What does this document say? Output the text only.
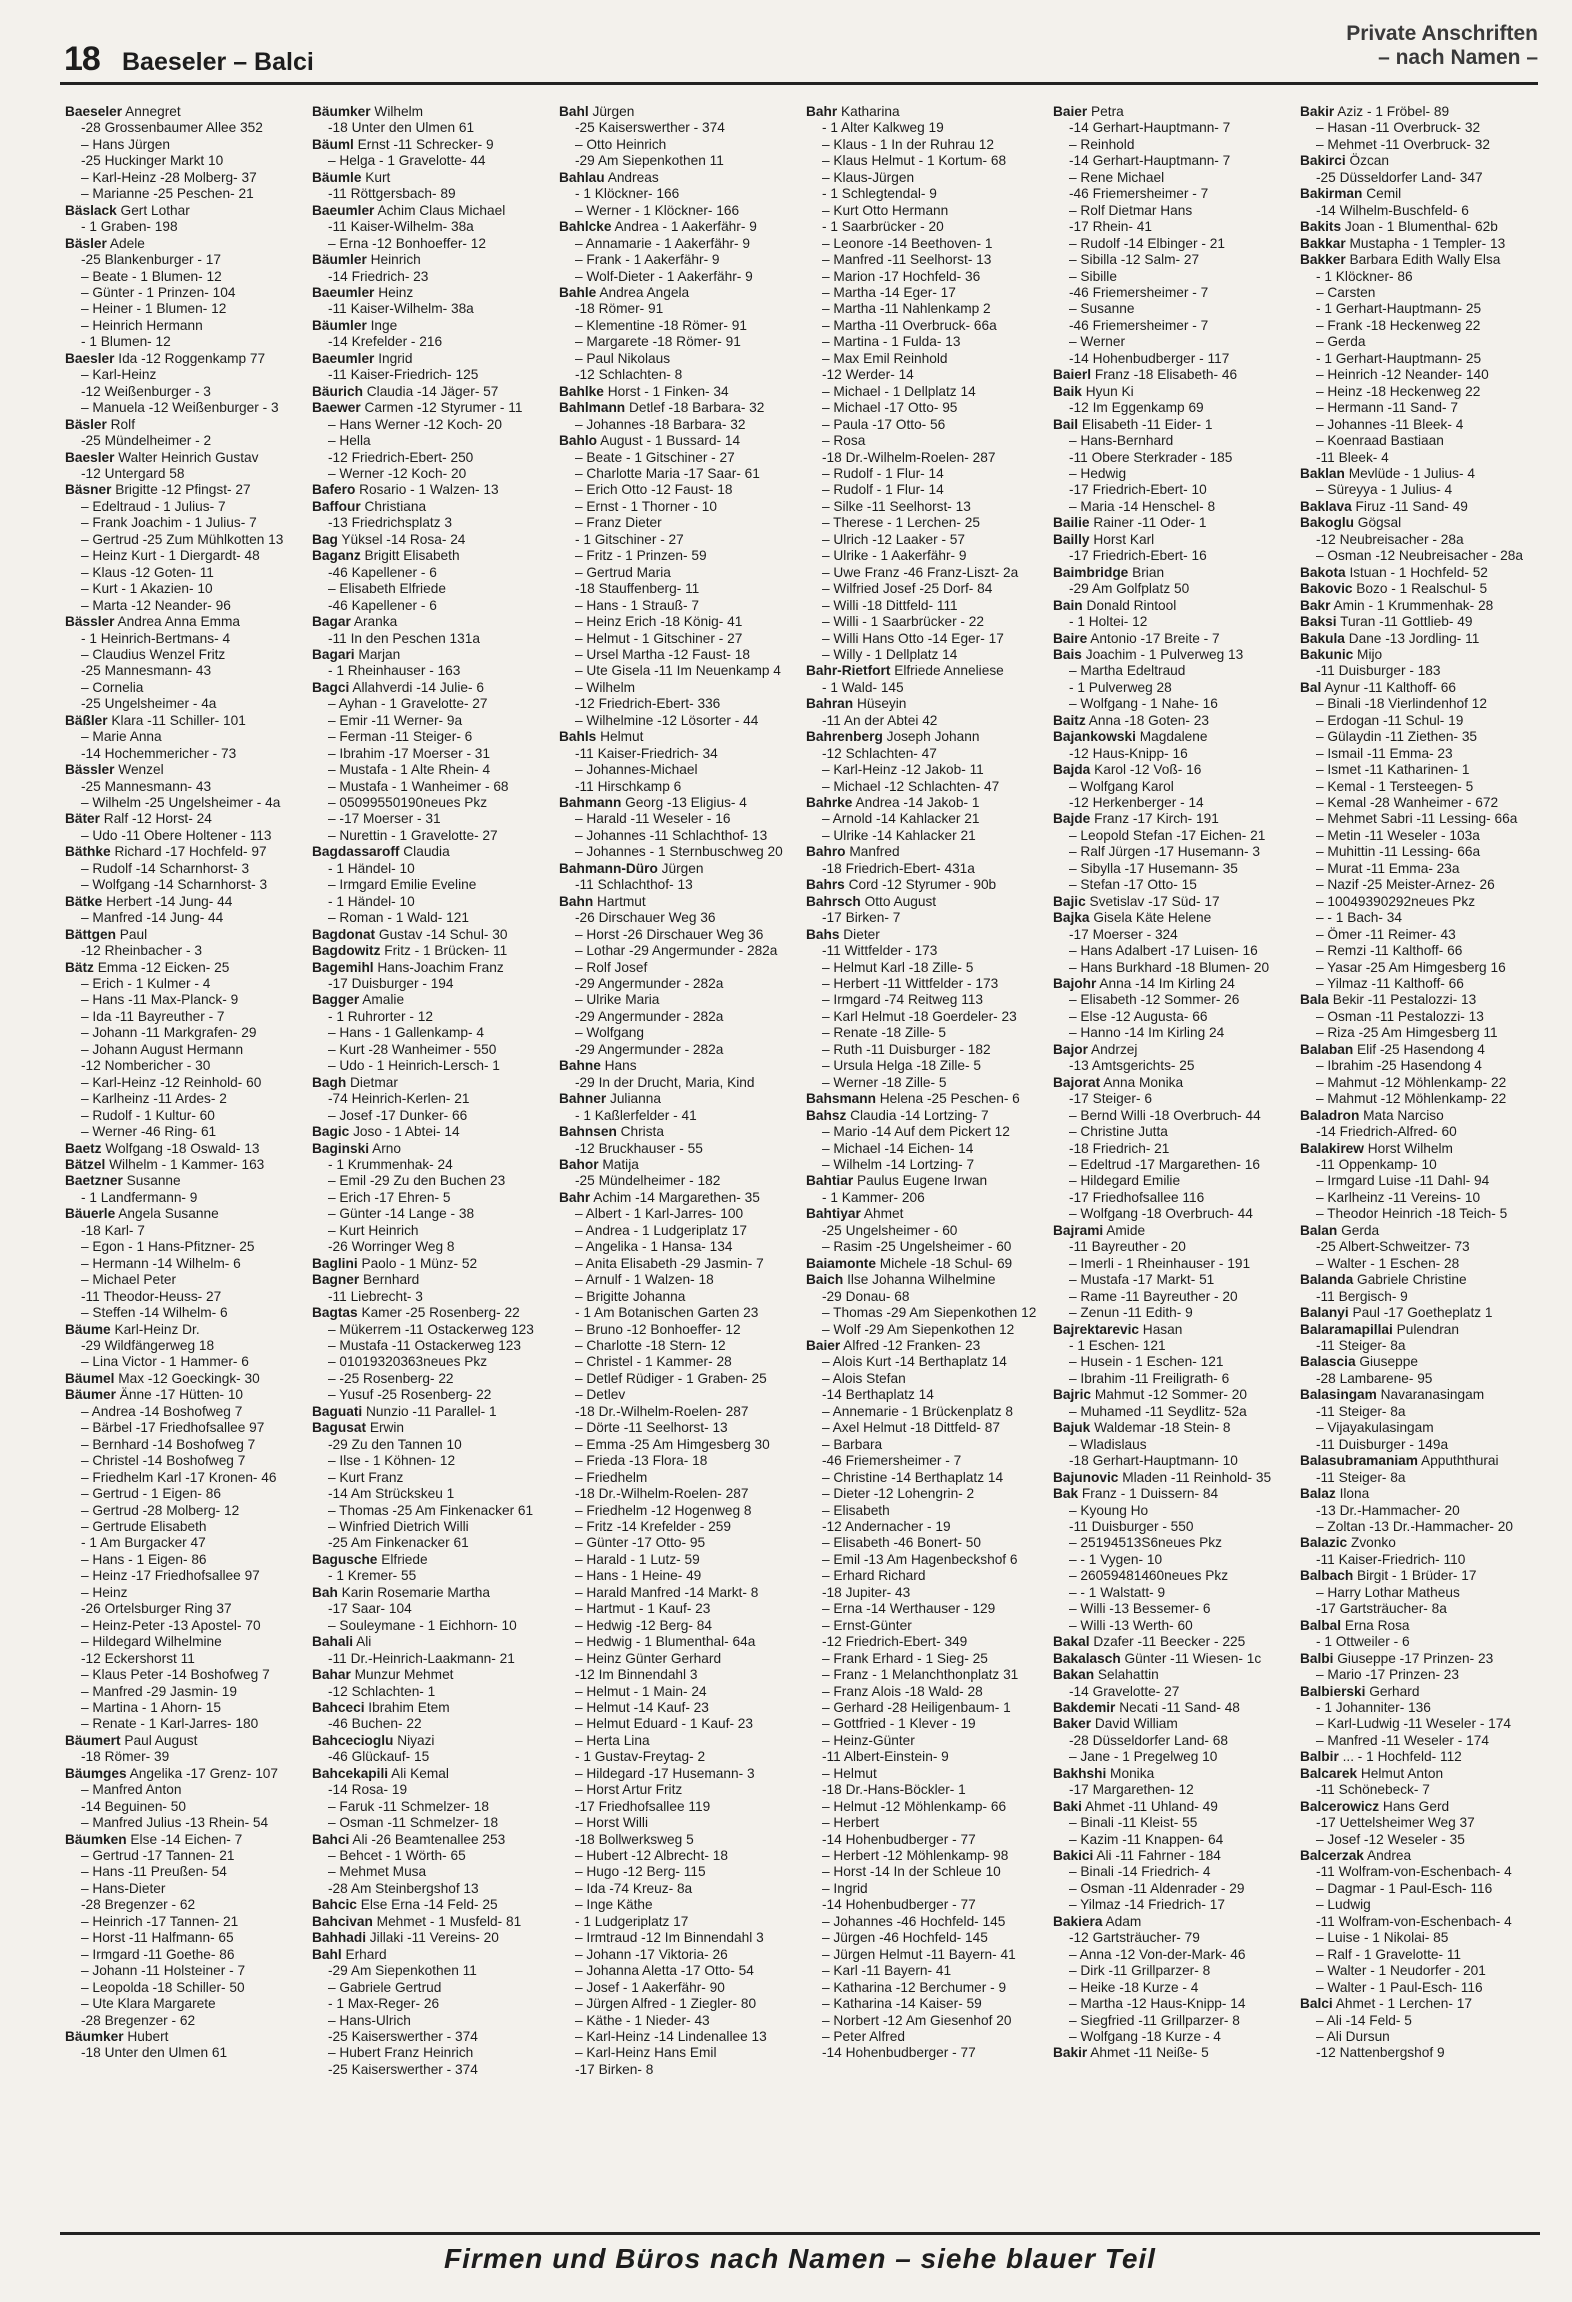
18 Baeseler – Balci
Private Anschriften
– nach Namen –
Baeseler Annegret
-28 Grossenbaumer Allee 352
– Hans Jürgen
-25 Huckinger Markt 10
– Karl-Heinz -28 Molberg- 37
– Marianne -25 Peschen- 21
Bäslack Gert Lothar
- 1 Graben- 198
Bäsler Adele
-25 Blankenburger - 17
– Beate - 1 Blumen- 12
– Günter - 1 Prinzen- 104
– Heiner - 1 Blumen- 12
– Heinrich Hermann
- 1 Blumen- 12
Baesler Ida -12 Roggenkamp 77
– Karl-Heinz
-12 Weißenburger - 3
– Manuela -12 Weißenburger - 3
Bäsler Rolf
-25 Mündelheimer - 2
Baesler Walter Heinrich Gustav
-12 Untergard 58
Bäsner Brigitte -12 Pfingst- 27
– Edeltraud - 1 Julius- 7
– Frank Joachim - 1 Julius- 7
– Gertrud -25 Zum Mühlkotten 13
– Heinz Kurt - 1 Diergardt- 48
– Klaus -12 Goten- 11
– Kurt - 1 Akazien- 10
– Marta -12 Neander- 96
Bässler Andrea Anna Emma
- 1 Heinrich-Bertmans- 4
– Claudius Wenzel Fritz
-25 Mannesmann- 43
– Cornelia
-25 Ungelsheimer - 4a
Bäßler Klara -11 Schiller- 101
– Marie Anna
-14 Hochemmericher - 73
Bässler Wenzel
-25 Mannesmann- 43
– Wilhelm -25 Ungelsheimer - 4a
Bäter Ralf -12 Horst- 24
– Udo -11 Obere Holtener - 113
Bäthke Richard -17 Hochfeld- 97
– Rudolf -14 Scharnhorst- 3
– Wolfgang -14 Scharnhorst- 3
Bätke Herbert -14 Jung- 44
– Manfred -14 Jung- 44
Bättgen Paul
-12 Rheinbacher - 3
Bätz Emma -12 Eicken- 25
– Erich - 1 Kulmer - 4
– Hans -11 Max-Planck- 9
– Ida -11 Bayreuther - 7
– Johann -11 Markgrafen- 29
– Johann August Hermann
-12 Nombericher - 30
– Karl-Heinz -12 Reinhold- 60
– Karlheinz -11 Ardes- 2
– Rudolf - 1 Kultur- 60
– Werner -46 Ring- 61
Baetz Wolfgang -18 Oswald- 13
Bätzel Wilhelm - 1 Kammer- 163
Baetzner Susanne
- 1 Landfermann- 9
Bäuerle Angela Susanne
-18 Karl- 7
– Egon - 1 Hans-Pfitzner- 25
– Hermann -14 Wilhelm- 6
– Michael Peter
-11 Theodor-Heuss- 27
– Steffen -14 Wilhelm- 6
Bäume Karl-Heinz Dr.
-29 Wildfängerweg 18
– Lina Victor - 1 Hammer- 6
Bäumel Max -12 Goeckingk- 30
Bäumer Änne -17 Hütten- 10
– Andrea -14 Boshofweg 7
– Bärbel -17 Friedhofsallee 97
– Bernhard -14 Boshofweg 7
– Christel -14 Boshofweg 7
– Friedhelm Karl -17 Kronen- 46
– Gertrud - 1 Eigen- 86
– Gertrud -28 Molberg- 12
– Gertrude Elisabeth
- 1 Am Burgacker 47
– Hans - 1 Eigen- 86
– Heinz -17 Friedhofsallee 97
– Heinz
-26 Ortelsburger Ring 37
– Heinz-Peter -13 Apostel- 70
– Hildegard Wilhelmine
-12 Eckershorst 11
– Klaus Peter -14 Boshofweg 7
– Manfred -29 Jasmin- 19
– Martina - 1 Ahorn- 15
– Renate - 1 Karl-Jarres- 180
Bäumert Paul August
-18 Römer- 39
Bäumges Angelika -17 Grenz- 107
– Manfred Anton
-14 Beguinen- 50
– Manfred Julius -13 Rhein- 54
Bäumken Else -14 Eichen- 7
– Gertrud -17 Tannen- 21
– Hans -11 Preußen- 54
– Hans-Dieter
-28 Bregenzer - 62
– Heinrich -17 Tannen- 21
– Horst -11 Halfmann- 65
– Irmgard -11 Goethe- 86
– Johann -11 Holsteiner - 7
– Leopolda -18 Schiller- 50
– Ute Klara Margarete
-28 Bregenzer - 62
Bäumker Hubert
-18 Unter den Ulmen 61
Bäumker Wilhelm
-18 Unter den Ulmen 61
Bäuml Ernst -11 Schrecker- 9
– Helga - 1 Gravelotte- 44
Bäumle Kurt
-11 Röttgersbach- 89
Baeumler Achim Claus Michael
-11 Kaiser-Wilhelm- 38a
– Erna -12 Bonhoeffer- 12
Bäumler Heinrich
-14 Friedrich- 23
Baeumler Heinz
-11 Kaiser-Wilhelm- 38a
Bäumler Inge
-14 Krefelder - 216
Baeumler Ingrid
-11 Kaiser-Friedrich- 125
Bäurich Claudia -14 Jäger- 57
Baewer Carmen -12 Styrumer - 11
– Hans Werner -12 Koch- 20
– Hella
-12 Friedrich-Ebert- 250
– Werner -12 Koch- 20
Bafero Rosario - 1 Walzen- 13
Baffour Christiana
-13 Friedrichsplatz 3
Bag Yüksel -14 Rosa- 24
Baganz Brigitt Elisabeth
-46 Kapellener - 6
– Elisabeth Elfriede
-46 Kapellener - 6
Bagar Aranka
-11 In den Peschen 131a
Bagari Marjan
- 1 Rheinhauser - 163
Bagci Allahverdi -14 Julie- 6
– Ayhan - 1 Gravelotte- 27
– Emir -11 Werner- 9a
– Ferman -11 Steiger- 6
– Ibrahim -17 Moerser - 31
– Mustafa - 1 Alte Rhein- 4
– Mustafa - 1 Wanheimer - 68
– 05099550190neues Pkz
– -17 Moerser - 31
– Nurettin - 1 Gravelotte- 27
Bagdassaroff Claudia
- 1 Händel- 10
– Irmgard Emilie Eveline
- 1 Händel- 10
– Roman - 1 Wald- 121
Bagdonat Gustav -14 Schul- 30
Bagdowitz Fritz - 1 Brücken- 11
Bagemihl Hans-Joachim Franz
-17 Duisburger - 194
Bagger Amalie
- 1 Ruhrorter - 12
– Hans - 1 Gallenkamp- 4
– Kurt -28 Wanheimer - 550
– Udo - 1 Heinrich-Lersch- 1
Bagh Dietmar
-74 Heinrich-Kerlen- 21
– Josef -17 Dunker- 66
Bagic Joso - 1 Abtei- 14
Baginski Arno
- 1 Krummenhak- 24
– Emil -29 Zu den Buchen 23
– Erich -17 Ehren- 5
– Günter -14 Lange - 38
– Kurt Heinrich
-26 Worringer Weg 8
Baglini Paolo - 1 Münz- 52
Bagner Bernhard
-11 Liebrecht- 3
Bagtas Kamer -25 Rosenberg- 22
– Mükerrem -11 Ostackerweg 123
– Mustafa -11 Ostackerweg 123
– 01019320363neues Pkz
– -25 Rosenberg- 22
– Yusuf -25 Rosenberg- 22
Baguati Nunzio -11 Parallel- 1
Bagusat Erwin
-29 Zu den Tannen 10
– Ilse - 1 Köhnen- 12
– Kurt Franz
-14 Am Strückskeu 1
– Thomas -25 Am Finkenacker 61
– Winfried Dietrich Willi
-25 Am Finkenacker 61
Bagusche Elfriede
- 1 Kremer- 55
Bah Karin Rosemarie Martha
-17 Saar- 104
– Souleymane - 1 Eichhorn- 10
Bahali Ali
-11 Dr.-Heinrich-Laakmann- 21
Bahar Munzur Mehmet
-12 Schlachten- 1
Bahceci Ibrahim Etem
-46 Buchen- 22
Bahcecioglu Niyazi
-46 Glückauf- 15
Bahcekapili Ali Kemal
-14 Rosa- 19
– Faruk -11 Schmelzer- 18
– Osman -11 Schmelzer- 18
Bahci Ali -26 Beamtenallee 253
– Behcet - 1 Wörth- 65
– Mehmet Musa
-28 Am Steinbergshof 13
Bahcic Else Erna -14 Feld- 25
Bahcivan Mehmet - 1 Musfeld- 81
Bahhadi Jillaki -11 Vereins- 20
Bahl Erhard
-29 Am Siepenkothen 11
– Gabriele Gertrud
- 1 Max-Reger- 26
– Hans-Ulrich
-25 Kaiserswerther - 374
– Hubert Franz Heinrich
-25 Kaiserswerther - 374
Bahl Jürgen
-25 Kaiserswerther - 374
– Otto Heinrich
-29 Am Siepenkothen 11
Bahlau Andreas
- 1 Klöckner- 166
– Werner - 1 Klöckner- 166
Bahlcke Andrea - 1 Aakerfähr- 9
– Annamarie - 1 Aakerfähr- 9
– Frank - 1 Aakerfähr- 9
– Wolf-Dieter - 1 Aakerfähr- 9
Bahle Andrea Angela
-18 Römer- 91
– Klementine -18 Römer- 91
– Margarete -18 Römer- 91
– Paul Nikolaus
-12 Schlachten- 8
Bahlke Horst - 1 Finken- 34
Bahlmann Detlef -18 Barbara- 32
– Johannes -18 Barbara- 32
Bahlo August - 1 Bussard- 14
– Beate - 1 Gitschiner - 27
– Charlotte Maria -17 Saar- 61
– Erich Otto -12 Faust- 18
– Ernst - 1 Thorner - 10
– Franz Dieter
- 1 Gitschiner - 27
– Fritz - 1 Prinzen- 59
– Gertrud Maria
-18 Stauffenberg- 11
– Hans - 1 Strauß- 7
– Heinz Erich -18 König- 41
– Helmut - 1 Gitschiner - 27
– Ursel Martha -12 Faust- 18
– Ute Gisela -11 Im Neuenkamp 4
– Wilhelm
-12 Friedrich-Ebert- 336
– Wilhelmine -12 Lösorter - 44
Bahls Helmut
-11 Kaiser-Friedrich- 34
– Johannes-Michael
-11 Hirschkamp 6
Bahmann Georg -13 Eligius- 4
– Harald -11 Weseler - 16
– Johannes -11 Schlachthof- 13
– Johannes - 1 Sternbuschweg 20
Bahmann-Düro Jürgen
-11 Schlachthof- 13
Bahn Hartmut
-26 Dirschauer Weg 36
– Horst -26 Dirschauer Weg 36
– Lothar -29 Angermunder - 282a
– Rolf Josef
-29 Angermunder - 282a
– Ulrike Maria
-29 Angermunder - 282a
– Wolfgang
-29 Angermunder - 282a
Bahne Hans
-29 In der Drucht, Maria, Kind
Bahner Julianna
- 1 Kaßlerfelder - 41
Bahnsen Christa
-12 Bruckhauser - 55
Bahor Matija
-25 Mündelheimer - 182
Bahr Achim -14 Margarethen- 35
– Albert - 1 Karl-Jarres- 100
– Andrea - 1 Ludgeriplatz 17
– Angelika - 1 Hansa- 134
– Anita Elisabeth -29 Jasmin- 7
– Arnulf - 1 Walzen- 18
– Brigitte Johanna
- 1 Am Botanischen Garten 23
– Bruno -12 Bonhoeffer- 12
– Charlotte -18 Stern- 12
– Christel - 1 Kammer- 28
– Detlef Rüdiger - 1 Graben- 25
– Detlev
-18 Dr.-Wilhelm-Roelen- 287
– Dörte -11 Seelhorst- 13
– Emma -25 Am Himgesberg 30
– Frieda -13 Flora- 18
– Friedhelm
-18 Dr.-Wilhelm-Roelen- 287
– Friedhelm -12 Hogenweg 8
– Fritz -14 Krefelder - 259
– Günter -17 Otto- 95
– Harald - 1 Lutz- 59
– Hans - 1 Heine- 49
– Harald Manfred -14 Markt- 8
– Hartmut - 1 Kauf- 23
– Hedwig -12 Berg- 84
– Hedwig - 1 Blumenthal- 64a
– Heinz Günter Gerhard
-12 Im Binnendahl 3
– Helmut - 1 Main- 24
– Helmut -14 Kauf- 23
– Helmut Eduard - 1 Kauf- 23
– Herta Lina
- 1 Gustav-Freytag- 2
– Hildegard -17 Husemann- 3
– Horst Artur Fritz
-17 Friedhofsallee 119
– Horst Willi
-18 Bollwerksweg 5
– Hubert -12 Albrecht- 18
– Hugo -12 Berg- 115
– Ida -74 Kreuz- 8a
– Inge Käthe
- 1 Ludgeriplatz 17
– Irmtraud -12 Im Binnendahl 3
– Johann -17 Viktoria- 26
– Johanna Aletta -17 Otto- 54
– Josef - 1 Aakerfähr- 90
– Jürgen Alfred - 1 Ziegler- 80
– Käthe - 1 Nieder- 43
– Karl-Heinz -14 Lindenallee 13
– Karl-Heinz Hans Emil
-17 Birken- 8
Bahr Katharina
- 1 Alter Kalkweg 19
– Klaus - 1 In der Ruhrau 12
– Klaus Helmut - 1 Kortum- 68
– Klaus-Jürgen
- 1 Schlegtendal- 9
– Kurt Otto Hermann
- 1 Saarbrücker - 20
– Leonore -14 Beethoven- 1
– Manfred -11 Seelhorst- 13
– Marion -17 Hochfeld- 36
– Martha -14 Eger- 17
– Martha -11 Nahlenkamp 2
– Martha -11 Overbruck- 66a
– Martina - 1 Fulda- 13
– Max Emil Reinhold
-12 Werder- 14
– Michael - 1 Dellplatz 14
– Michael -17 Otto- 95
– Paula -17 Otto- 56
– Rosa
-18 Dr.-Wilhelm-Roelen- 287
– Rudolf - 1 Flur- 14
– Rudolf - 1 Flur- 14
– Silke -11 Seelhorst- 13
– Therese - 1 Lerchen- 25
– Ulrich -12 Laaker - 57
– Ulrike - 1 Aakerfähr- 9
– Uwe Franz -46 Franz-Liszt- 2a
– Wilfried Josef -25 Dorf- 84
– Willi -18 Dittfeld- 111
– Willi - 1 Saarbrücker - 22
– Willi Hans Otto -14 Eger- 17
– Willy - 1 Dellplatz 14
Bahr-Rietfort Elfriede Anneliese
- 1 Wald- 145
Bahran Hüseyin
-11 An der Abtei 42
Bahrenberg Joseph Johann
-12 Schlachten- 47
– Karl-Heinz -12 Jakob- 11
– Michael -12 Schlachten- 47
Bahrke Andrea -14 Jakob- 1
– Arnold -14 Kahlacker 21
– Ulrike -14 Kahlacker 21
Bahro Manfred
-18 Friedrich-Ebert- 431a
Bahrs Cord -12 Styrumer - 90b
Bahrsch Otto August
-17 Birken- 7
Bahs Dieter
-11 Wittfelder - 173
– Helmut Karl -18 Zille- 5
– Herbert -11 Wittfelder - 173
– Irmgard -74 Reitweg 113
– Karl Helmut -18 Goerdeler- 23
– Renate -18 Zille- 5
– Ruth -11 Duisburger - 182
– Ursula Helga -18 Zille- 5
– Werner -18 Zille- 5
Bahsmann Helena -25 Peschen- 6
Bahsz Claudia -14 Lortzing- 7
– Mario -14 Auf dem Pickert 12
– Michael -14 Eichen- 14
– Wilhelm -14 Lortzing- 7
Bahtiar Paulus Eugene Irwan
- 1 Kammer- 206
Bahtiyar Ahmet
-25 Ungelsheimer - 60
– Rasim -25 Ungelsheimer - 60
Baiamonte Michele -18 Schul- 69
Baich Ilse Johanna Wilhelmine
-29 Donau- 68
– Thomas -29 Am Siepenkothen 12
– Wolf -29 Am Siepenkothen 12
Baier Alfred -12 Franken- 23
– Alois Kurt -14 Berthaplatz 14
– Alois Stefan
-14 Berthaplatz 14
– Annemarie - 1 Brückenplatz 8
– Axel Helmut -18 Dittfeld- 87
– Barbara
-46 Friemersheimer - 7
– Christine -14 Berthaplatz 14
– Dieter -12 Lohengrin- 2
– Elisabeth
-12 Andernacher - 19
– Elisabeth -46 Bonert- 50
– Emil -13 Am Hagenbeckshof 6
– Erhard Richard
-18 Jupiter- 43
– Erna -14 Werthauser - 129
– Ernst-Günter
-12 Friedrich-Ebert- 349
– Frank Erhard - 1 Sieg- 25
– Franz - 1 Melanchthonplatz 31
– Franz Alois -18 Wald- 28
– Gerhard -28 Heiligenbaum- 1
– Gottfried - 1 Klever - 19
– Heinz-Günter
-11 Albert-Einstein- 9
– Helmut
-18 Dr.-Hans-Böckler- 1
– Helmut -12 Möhlenkamp- 66
– Herbert
-14 Hohenbudberger - 77
– Herbert -12 Möhlenkamp- 98
– Horst -14 In der Schleue 10
– Ingrid
-14 Hohenbudberger - 77
– Johannes -46 Hochfeld- 145
– Jürgen -46 Hochfeld- 145
– Jürgen Helmut -11 Bayern- 41
– Karl -11 Bayern- 41
– Katharina -12 Berchumer - 9
– Katharina -14 Kaiser- 59
– Norbert -12 Am Giesenhof 20
– Peter Alfred
-14 Hohenbudberger - 77
Baier Petra
-14 Gerhart-Hauptmann- 7
– Reinhold
-14 Gerhart-Hauptmann- 7
– Rene Michael
-46 Friemersheimer - 7
– Rolf Dietmar Hans
-17 Rhein- 41
– Rudolf -14 Elbinger - 21
– Sibilla -12 Salm- 27
– Sibille
-46 Friemersheimer - 7
– Susanne
-46 Friemersheimer - 7
– Werner
-14 Hohenbudberger - 117
Baierl Franz -18 Elisabeth- 46
Baik Hyun Ki
-12 Im Eggenkamp 69
Bail Elisabeth -11 Eider- 1
– Hans-Bernhard
-11 Obere Sterkrader - 185
– Hedwig
-17 Friedrich-Ebert- 10
– Maria -14 Henschel- 8
Bailie Rainer -11 Oder- 1
Bailly Horst Karl
-17 Friedrich-Ebert- 16
Baimbridge Brian
-29 Am Golfplatz 50
Bain Donald Rintool
- 1 Holtei- 12
Baire Antonio -17 Breite - 7
Bais Joachim - 1 Pulverweg 13
– Martha Edeltraud
- 1 Pulverweg 28
– Wolfgang - 1 Nahe- 16
Baitz Anna -18 Goten- 23
Bajankowski Magdalene
-12 Haus-Knipp- 16
Bajda Karol -12 Voß- 16
– Wolfgang Karol
-12 Herkenberger - 14
Bajde Franz -17 Kirch- 191
– Leopold Stefan -17 Eichen- 21
– Ralf Jürgen -17 Husemann- 3
– Sibylla -17 Husemann- 35
– Stefan -17 Otto- 15
Bajic Svetislav -17 Süd- 17
Bajka Gisela Käte Helene
-17 Moerser - 324
– Hans Adalbert -17 Luisen- 16
– Hans Burkhard -18 Blumen- 20
Bajohr Anna -14 Im Kirling 24
– Elisabeth -12 Sommer- 26
– Else -12 Augusta- 66
– Hanno -14 Im Kirling 24
Bajor Andrzej
-13 Amtsgerichts- 25
Bajorat Anna Monika
-17 Steiger- 6
– Bernd Willi -18 Overbruch- 44
– Christine Jutta
-18 Friedrich- 21
– Edeltrud -17 Margarethen- 16
– Hildegard Emilie
-17 Friedhofsallee 116
– Wolfgang -18 Overbruch- 44
Bajrami Amide
-11 Bayreuther - 20
– Imerli - 1 Rheinhauser - 191
– Mustafa -17 Markt- 51
– Rame -11 Bayreuther - 20
– Zenun -11 Edith- 9
Bajrektarevic Hasan
- 1 Eschen- 121
– Husein - 1 Eschen- 121
– Ibrahim -11 Freiligrath- 6
Bajric Mahmut -12 Sommer- 20
– Muhamed -11 Seydlitz- 52a
Bajuk Waldemar -18 Stein- 8
– Wladislaus
-18 Gerhart-Hauptmann- 10
Bajunovic Mladen -11 Reinhold- 35
Bak Franz - 1 Duissern- 84
– Kyoung Ho
-11 Duisburger - 550
– 25194513S6neues Pkz
– - 1 Vygen- 10
– 26059481460neues Pkz
– - 1 Walstatt- 9
– Willi -13 Bessemer- 6
– Willi -13 Werth- 60
Bakal Dzafer -11 Beecker - 225
Bakalasch Günter -11 Wiesen- 1c
Bakan Selahattin
-14 Gravelotte- 27
Bakdemir Necati -11 Sand- 48
Baker David William
-28 Düsseldorfer Land- 68
– Jane - 1 Pregelweg 10
Bakhshi Monika
-17 Margarethen- 12
Baki Ahmet -11 Uhland- 49
– Binali -11 Kleist- 55
– Kazim -11 Knappen- 64
Bakici Ali -11 Fahrner - 184
– Binali -14 Friedrich- 4
– Osman -11 Aldenrader - 29
– Yilmaz -14 Friedrich- 17
Bakiera Adam
-12 Gartsträucher- 79
– Anna -12 Von-der-Mark- 46
– Dirk -11 Grillparzer- 8
– Heike -18 Kurze - 4
– Martha -12 Haus-Knipp- 14
– Siegfried -11 Grillparzer- 8
– Wolfgang -18 Kurze - 4
Bakir Ahmet -11 Neiße- 5
Bakir Aziz - 1 Fröbel- 89
– Hasan -11 Overbruck- 32
– Mehmet -11 Overbruck- 32
Bakirci Özcan
-25 Düsseldorfer Land- 347
Bakirman Cemil
-14 Wilhelm-Buschfeld- 6
Bakits Joan - 1 Blumenthal- 62b
Bakkar Mustapha - 1 Templer- 13
Bakker Barbara Edith Wally Elsa
- 1 Klöckner- 86
– Carsten
- 1 Gerhart-Hauptmann- 25
– Frank -18 Heckenweg 22
– Gerda
- 1 Gerhart-Hauptmann- 25
– Heinrich -12 Neander- 140
– Heinz -18 Heckenweg 22
– Hermann -11 Sand- 7
– Johannes -11 Bleek- 4
– Koenraad Bastiaan
-11 Bleek- 4
Baklan Mevlüde - 1 Julius- 4
– Süreyya - 1 Julius- 4
Baklava Firuz -11 Sand- 49
Bakoglu Gögsal
-12 Neubreisacher - 28a
– Osman -12 Neubreisacher - 28a
Bakota Istuan - 1 Hochfeld- 52
Bakovic Bozo - 1 Realschul- 5
Bakr Amin - 1 Krummenhak- 28
Baksi Turan -11 Gottlieb- 49
Bakula Dane -13 Jordling- 11
Bakunic Mijo
-11 Duisburger - 183
Bal Aynur -11 Kalthoff- 66
– Binali -18 Vierlindenhof 12
– Erdogan -11 Schul- 19
– Gülaydin -11 Ziethen- 35
– Ismail -11 Emma- 23
– Ismet -11 Katharinen- 1
– Kemal - 1 Tersteegen- 5
– Kemal -28 Wanheimer - 672
– Mehmet Sabri -11 Lessing- 66a
– Metin -11 Weseler - 103a
– Muhittin -11 Lessing- 66a
– Murat -11 Emma- 23a
– Nazif -25 Meister-Arnez- 26
– 10049390292neues Pkz
– - 1 Bach- 34
– Ömer -11 Reimer- 43
– Remzi -11 Kalthoff- 66
– Yasar -25 Am Himgesberg 16
– Yilmaz -11 Kalthoff- 66
Bala Bekir -11 Pestalozzi- 13
– Osman -11 Pestalozzi- 13
– Riza -25 Am Himgesberg 11
Balaban Elif -25 Hasendong 4
– Ibrahim -25 Hasendong 4
– Mahmut -12 Möhlenkamp- 22
– Mahmut -12 Möhlenkamp- 22
Baladron Mata Narciso
-14 Friedrich-Alfred- 60
Balakirew Horst Wilhelm
-11 Oppenkamp- 10
– Irmgard Luise -11 Dahl- 94
– Karlheinz -11 Vereins- 10
– Theodor Heinrich -18 Teich- 5
Balan Gerda
-25 Albert-Schweitzer- 73
– Walter - 1 Eschen- 28
Balanda Gabriele Christine
-11 Bergisch- 9
Balanyi Paul -17 Goetheplatz 1
Balaramapillai Pulendran
-11 Steiger- 8a
Balascia Giuseppe
-28 Lambarene- 95
Balasingam Navaranasingam
-11 Steiger- 8a
– Vijayakulasingam
-11 Duisburger - 149a
Balasubramaniam Appuththurai
-11 Steiger- 8a
Balaz Ilona
-13 Dr.-Hammacher- 20
– Zoltan -13 Dr.-Hammacher- 20
Balazic Zvonko
-11 Kaiser-Friedrich- 110
Balbach Birgit - 1 Brüder- 17
– Harry Lothar Matheus
-17 Gartsträucher- 8a
Balbal Erna Rosa
- 1 Ottweiler - 6
Balbi Giuseppe -17 Prinzen- 23
– Mario -17 Prinzen- 23
Balbierski Gerhard
- 1 Johanniter- 136
– Karl-Ludwig -11 Weseler - 174
– Manfred -11 Weseler - 174
Balbir ... - 1 Hochfeld- 112
Balcarek Helmut Anton
-11 Schönebeck- 7
Balcerowicz Hans Gerd
-17 Uettelsheimer Weg 37
– Josef -12 Weseler - 35
Balcerzak Andrea
-11 Wolfram-von-Eschenbach- 4
– Dagmar - 1 Paul-Esch- 116
– Ludwig
-11 Wolfram-von-Eschenbach- 4
– Luise - 1 Nikolai- 85
– Ralf - 1 Gravelotte- 11
– Walter - 1 Neudorfer - 201
– Walter - 1 Paul-Esch- 116
Balci Ahmet - 1 Lerchen- 17
– Ali -14 Feld- 5
– Ali Dursun
-12 Nattenbergshof 9
Firmen und Büros nach Namen – siehe blauer Teil
